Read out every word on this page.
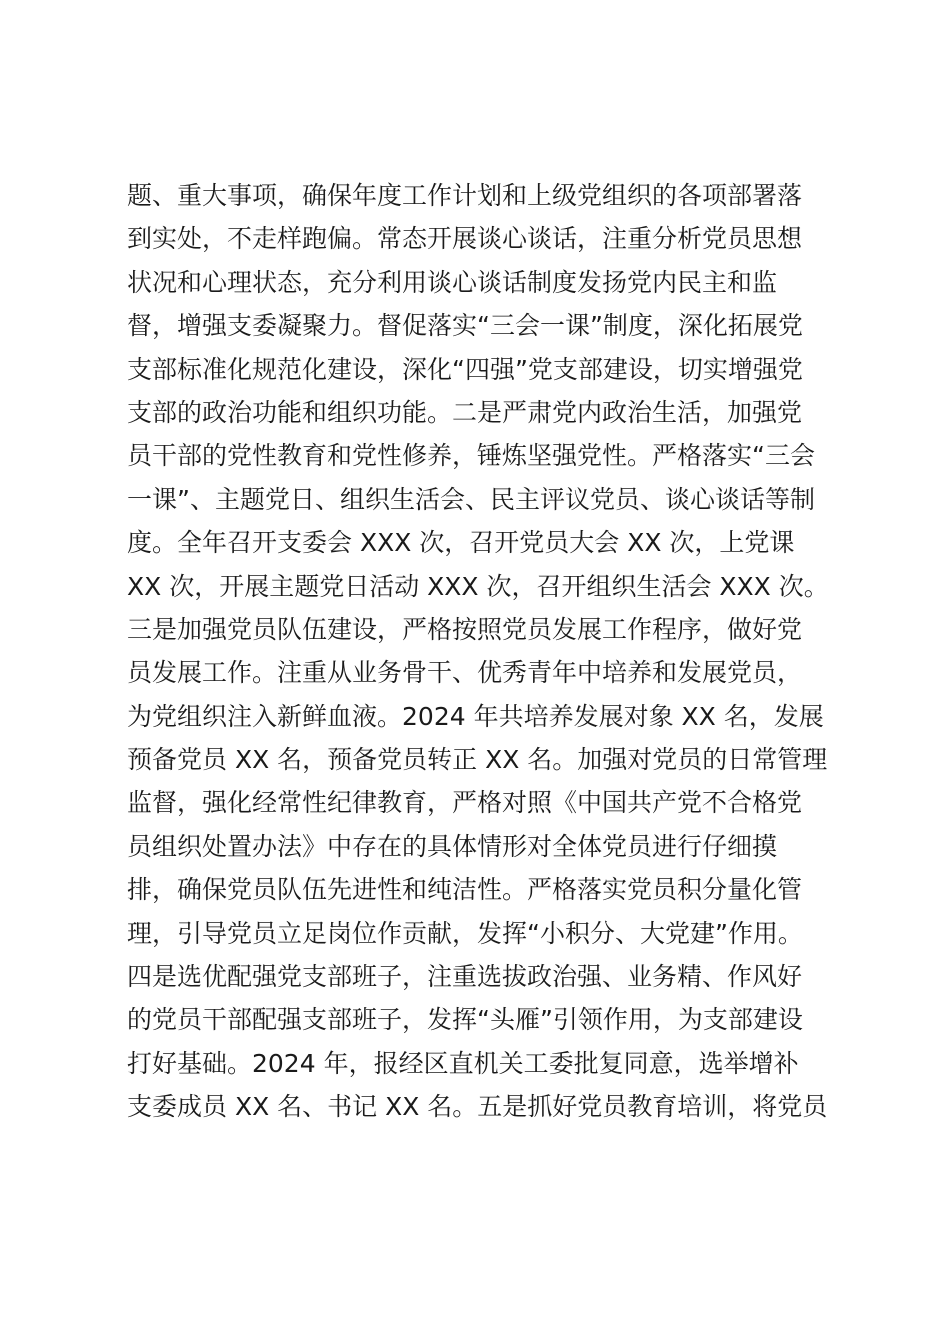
题、重大事项，确保年度工作计划和上级党组织的各项部署落
到实处，不走样跑偏。常态开展谈心谈话，注重分析党员思想
状况和心理状态，充分利用谈心谈话制度发扬党内民主和监
督，增强支委凝聚力。督促落实“三会一课”制度，深化拓展党
支部标准化规范化建设，深化“四强”党支部建设，切实增强党
支部的政治功能和组织功能。二是严肃党内政治生活，加强党
员干部的党性教育和党性修养，锤炼坚强党性。严格落实“三会
一课”、主题党日、组织生活会、民主评议党员、谈心谈话等制
度。全年召开支委会 XXX 次，召开党员大会 XX 次，上党课
XX 次，开展主题党日活动 XXX 次，召开组织生活会 XXX 次。
三是加强党员队伍建设，严格按照党员发展工作程序，做好党
员发展工作。注重从业务骨干、优秀青年中培养和发展党员，
为党组织注入新鲜血液。2024 年共培养发展对象 XX 名，发展
预备党员 XX 名，预备党员转正 XX 名。加强对党员的日常管理
监督，强化经常性纪律教育，严格对照《中国共产党不合格党
员组织处置办法》中存在的具体情形对全体党员进行仔细摸
排，确保党员队伍先进性和纯洁性。严格落实党员积分量化管
理，引导党员立足岗位作贡献，发挥“小积分、大党建”作用。
四是选优配强党支部班子，注重选拔政治强、业务精、作风好
的党员干部配强支部班子，发挥“头雁”引领作用，为支部建设
打好基础。2024 年，报经区直机关工委批复同意，选举增补
支委成员 XX 名、书记 XX 名。五是抓好党员教育培训，将党员
